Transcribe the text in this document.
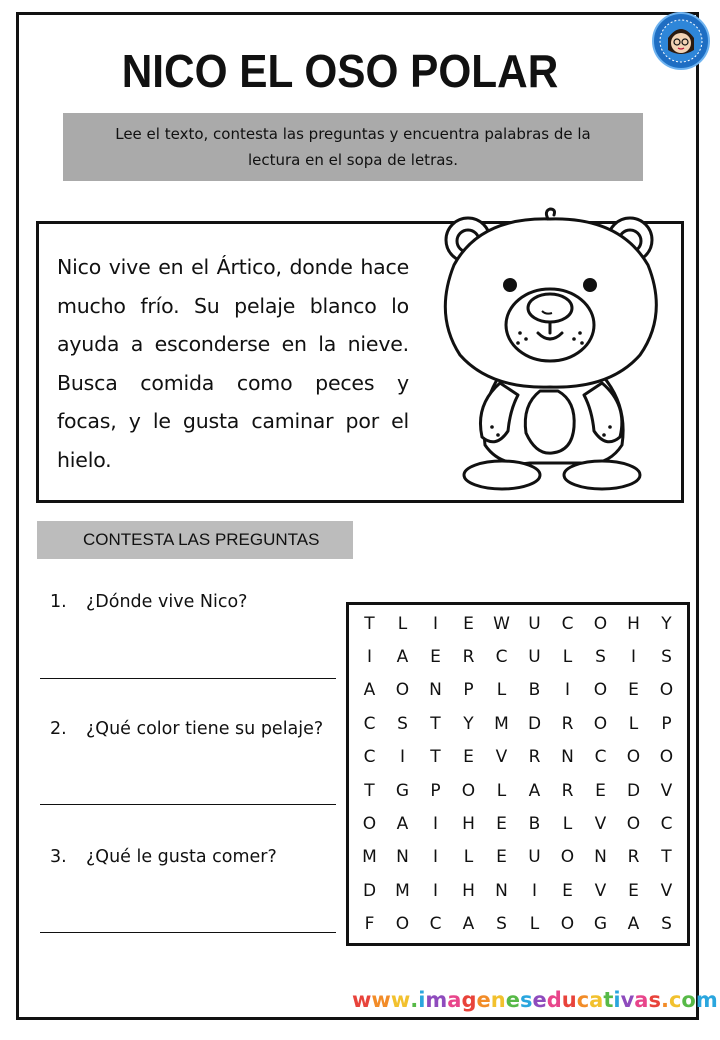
NICO EL OSO POLAR
Lee el texto, contesta las preguntas y encuentra palabras de la lectura en el sopa de letras.
Nico vive en el Ártico, donde hace mucho frío. Su pelaje blanco lo ayuda a esconderse en la nieve. Busca comida como peces y focas, y le gusta caminar por el hielo.
CONTESTA LAS PREGUNTAS
1. ¿Dónde vive Nico?
2. ¿Qué color tiene su pelaje?
3. ¿Qué le gusta comer?
T	L	I	E	W	U	C	O	H	Y
I	A	E	R	C	U	L	S	I	S
A	O	N	P	L	B	I	O	E	O
C	S	T	Y	M	D	R	O	L	P
C	I	T	E	V	R	N	C	O	O
T	G	P	O	L	A	R	E	D	V
O	A	I	H	E	B	L	V	O	C
M	N	I	L	E	U	O	N	R	T
D	M	I	H	N	I	E	V	E	V
F	O	C	A	S	L	O	G	A	S
www.imageneseducativas.com
